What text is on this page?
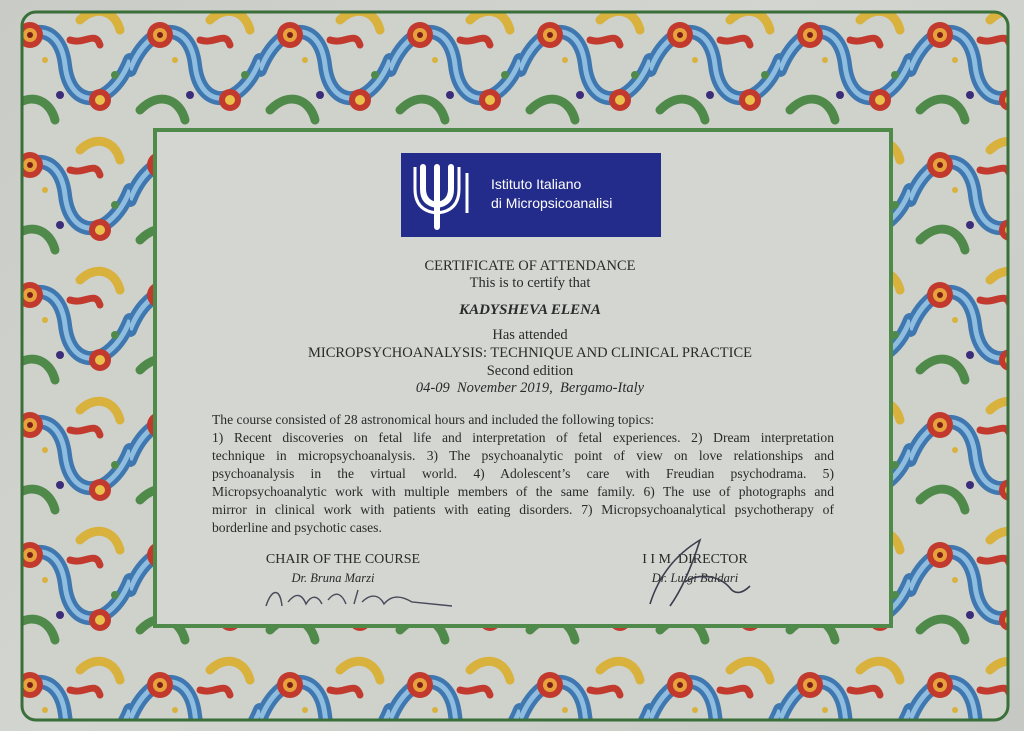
Istituto Italiano
di Micropsicoanalisi
CERTIFICATE OF ATTENDANCE
This is to certify that
KADYSHEVA ELENA
Has attended
MICROPSYCHOANALYSIS: TECHNIQUE AND CLINICAL PRACTICE
Second edition
04-09  November 2019,  Bergamo-Italy
The course consisted of 28 astronomical hours and included the following topics:
1) Recent discoveries on fetal life and interpretation of fetal experiences. 2) Dream interpretation
technique in micropsychoanalysis. 3) The psychoanalytic point of view on love relationships and
psychoanalysis in the virtual world. 4) Adolescent’s care with Freudian psychodrama. 5)
Micropsychoanalytic work with multiple members of the same family. 6) The use of photographs and
mirror in clinical work with patients with eating disorders. 7) Micropsychoanalytical psychotherapy of
borderline and psychotic cases.
CHAIR OF THE COURSE
Dr. Bruna Marzi
I I M  DIRECTOR
Dr. Luigi Baldari
